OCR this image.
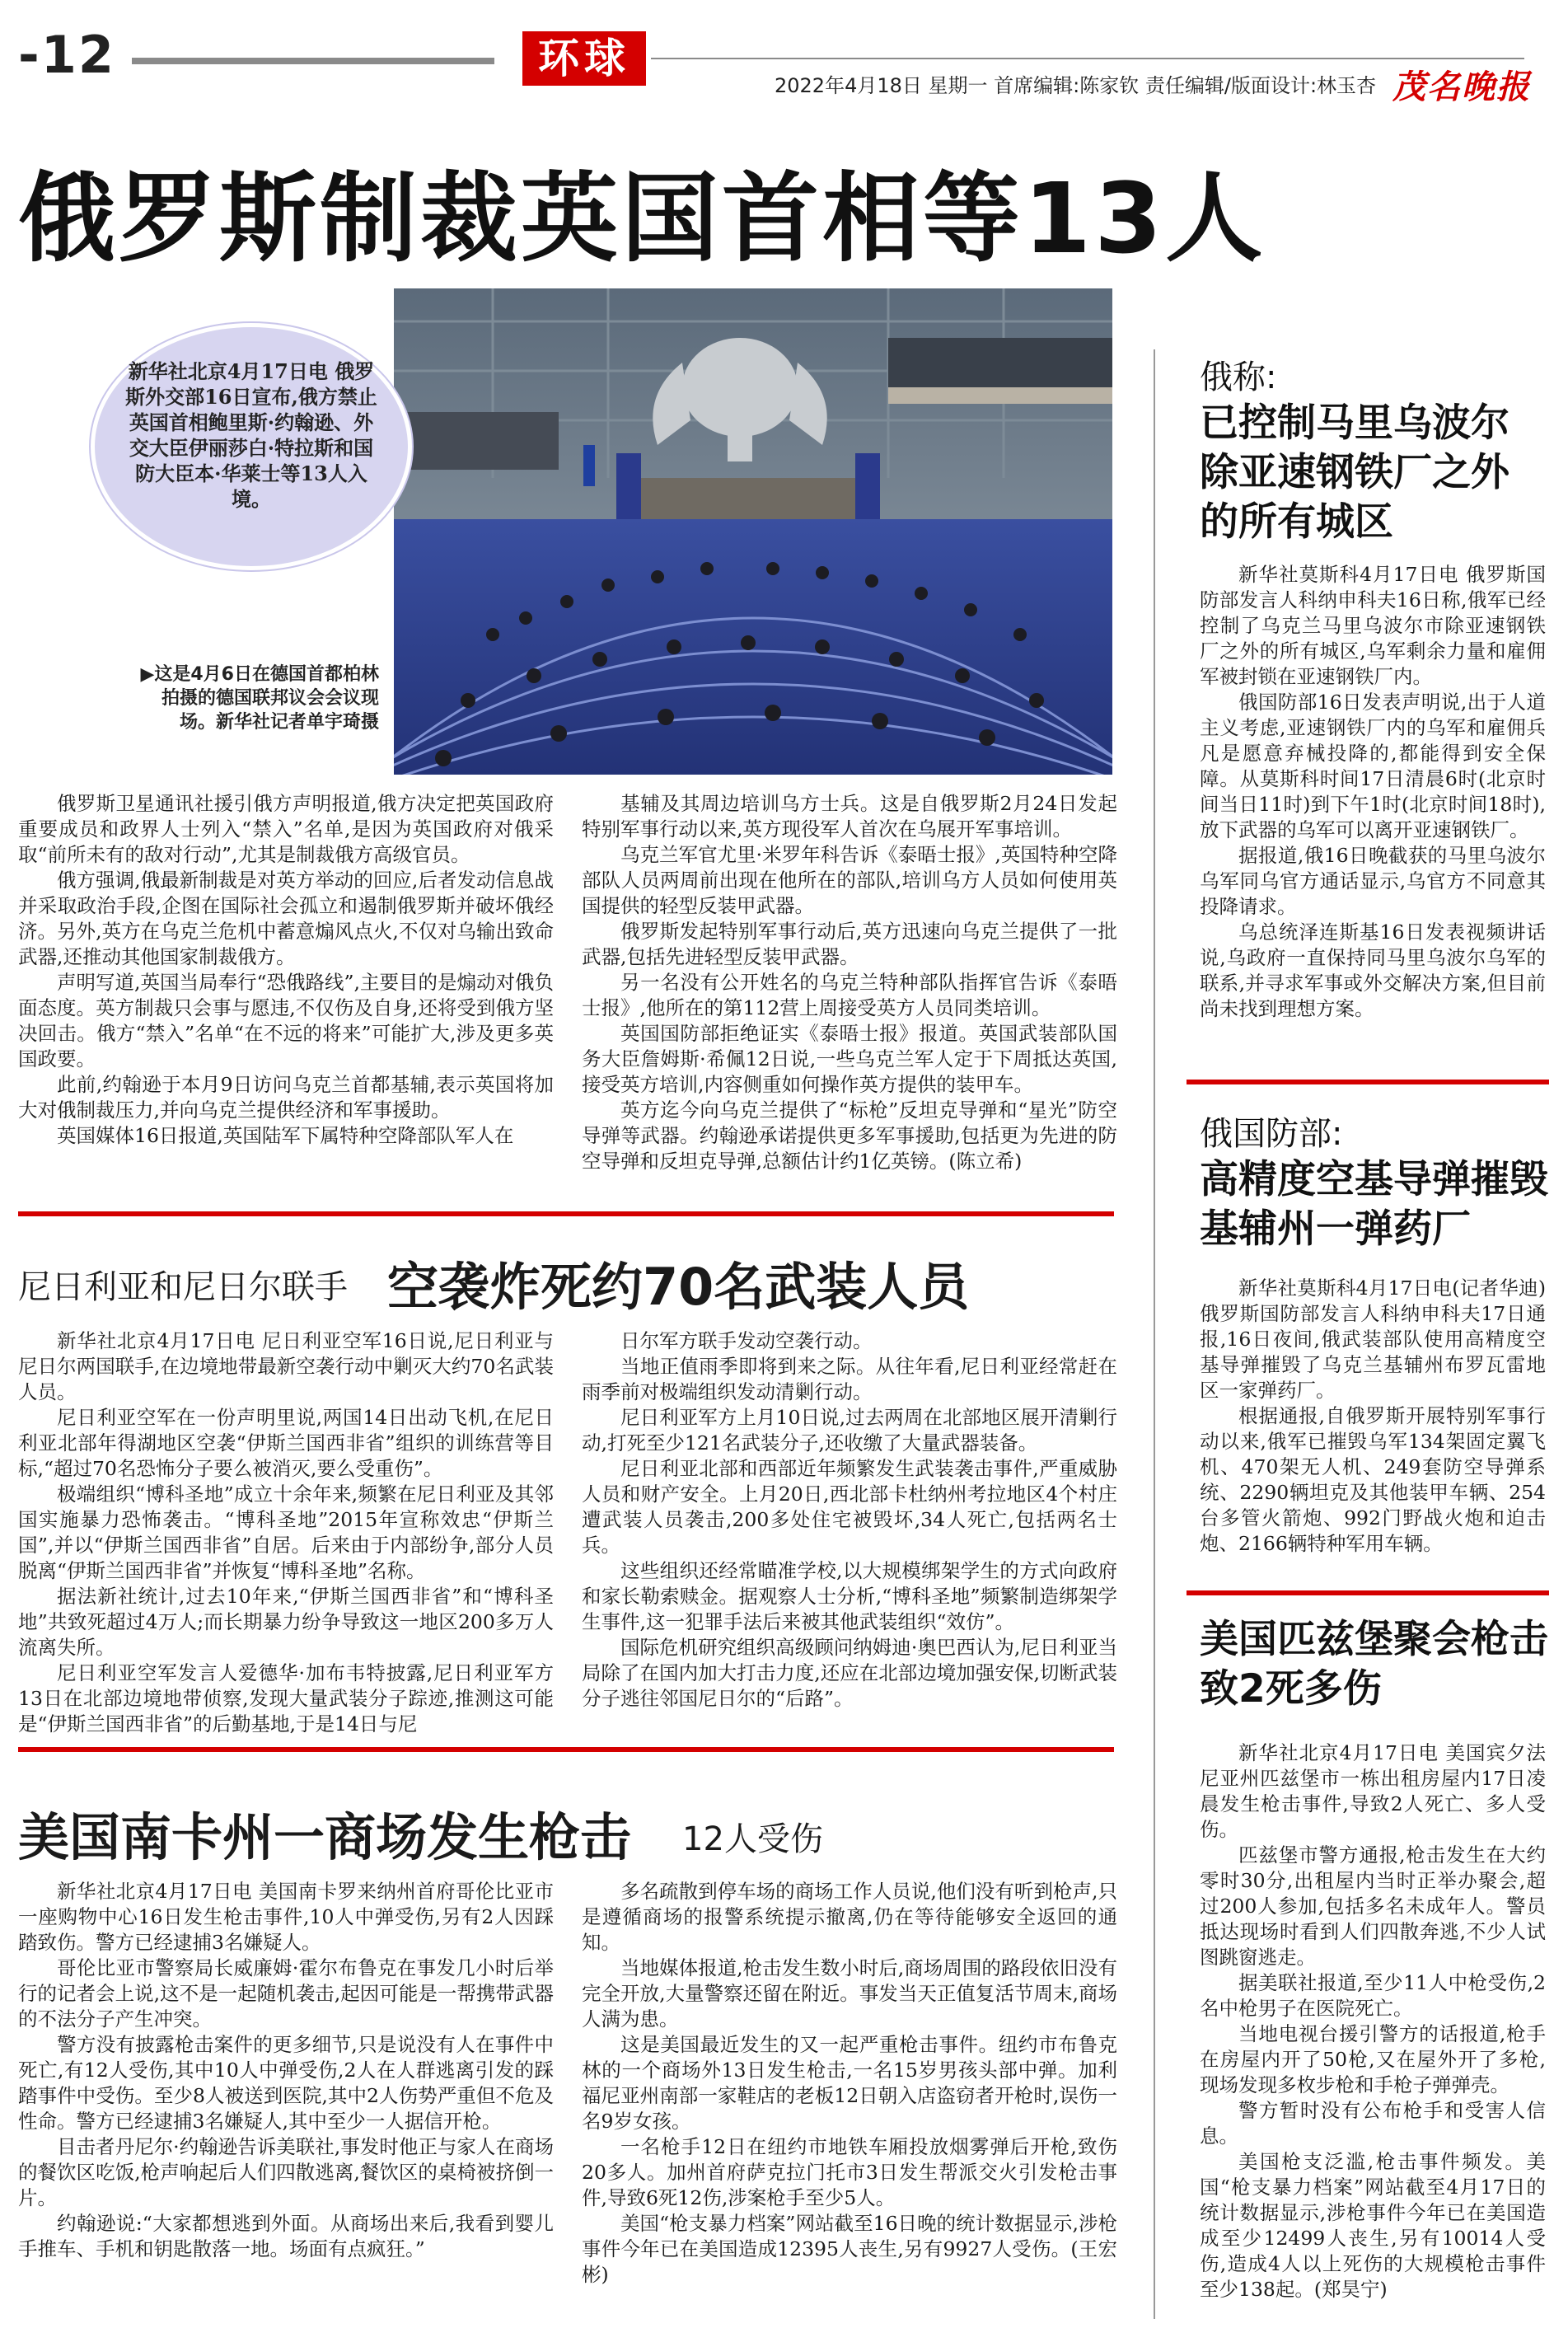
-12	环球
2022年4月18日 星期一 首席编辑:陈家钦 责任编辑/版面设计:林玉杏 茂名晚报
俄罗斯制裁英国首相等13人
新华社北京4月17日电 俄罗斯外交部16日宣布,俄方禁止英国首相鲍里斯·约翰逊、外交大臣伊丽莎白·特拉斯和国防大臣本·华莱士等13人入境。
▶这是4月6日在德国首都柏林拍摄的德国联邦议会会议现场。新华社记者单宇琦摄

俄罗斯卫星通讯社援引俄方声明报道,俄方决定把英国政府重要成员和政界人士列入“禁入”名单,是因为英国政府对俄采取“前所未有的敌对行动”,尤其是制裁俄方高级官员。

俄方强调,俄最新制裁是对英方举动的回应,后者发动信息战并采取政治手段,企图在国际社会孤立和遏制俄罗斯并破坏俄经济。另外,英方在乌克兰危机中蓄意煽风点火,不仅对乌输出致命武器,还推动其他国家制裁俄方。

声明写道,英国当局奉行“恐俄路线”,主要目的是煽动对俄负面态度。英方制裁只会事与愿违,不仅伤及自身,还将受到俄方坚决回击。俄方“禁入”名单“在不远的将来”可能扩大,涉及更多英国政要。

此前,约翰逊于本月9日访问乌克兰首都基辅,表示英国将加大对俄制裁压力,并向乌克兰提供经济和军事援助。

英国媒体16日报道,英国陆军下属特种空降部队军人在

基辅及其周边培训乌方士兵。这是自俄罗斯2月24日发起特别军事行动以来,英方现役军人首次在乌展开军事培训。

乌克兰军官尤里·米罗年科告诉《泰晤士报》,英国特种空降部队人员两周前出现在他所在的部队,培训乌方人员如何使用英国提供的轻型反装甲武器。

俄罗斯发起特别军事行动后,英方迅速向乌克兰提供了一批武器,包括先进轻型反装甲武器。

另一名没有公开姓名的乌克兰特种部队指挥官告诉《泰晤士报》,他所在的第112营上周接受英方人员同类培训。

英国国防部拒绝证实《泰晤士报》报道。英国武装部队国务大臣詹姆斯·希佩12日说,一些乌克兰军人定于下周抵达英国,接受英方培训,内容侧重如何操作英方提供的装甲车。

英方迄今向乌克兰提供了“标枪”反坦克导弹和“星光”防空导弹等武器。约翰逊承诺提供更多军事援助,包括更为先进的防空导弹和反坦克导弹,总额估计约1亿英镑。(陈立希)

尼日利亚和尼日尔联手 空袭炸死约70名武装人员

新华社北京4月17日电 尼日利亚空军16日说,尼日利亚与尼日尔两国联手,在边境地带最新空袭行动中剿灭大约70名武装人员。

尼日利亚空军在一份声明里说,两国14日出动飞机,在尼日利亚北部年得湖地区空袭“伊斯兰国西非省”组织的训练营等目标,“超过70名恐怖分子要么被消灭,要么受重伤”。

极端组织“博科圣地”成立十余年来,频繁在尼日利亚及其邻国实施暴力恐怖袭击。“博科圣地”2015年宣称效忠“伊斯兰国”,并以“伊斯兰国西非省”自居。后来由于内部纷争,部分人员脱离“伊斯兰国西非省”并恢复“博科圣地”名称。

据法新社统计,过去10年来,“伊斯兰国西非省”和“博科圣地”共致死超过4万人;而长期暴力纷争导致这一地区200多万人流离失所。

尼日利亚空军发言人爱德华·加布韦特披露,尼日利亚军方13日在北部边境地带侦察,发现大量武装分子踪迹,推测这可能是“伊斯兰国西非省”的后勤基地,于是14日与尼

日尔军方联手发动空袭行动。

当地正值雨季即将到来之际。从往年看,尼日利亚经常赶在雨季前对极端组织发动清剿行动。

尼日利亚军方上月10日说,过去两周在北部地区展开清剿行动,打死至少121名武装分子,还收缴了大量武器装备。

尼日利亚北部和西部近年频繁发生武装袭击事件,严重威胁人员和财产安全。上月20日,西北部卡杜纳州考拉地区4个村庄遭武装人员袭击,200多处住宅被毁坏,34人死亡,包括两名士兵。

这些组织还经常瞄准学校,以大规模绑架学生的方式向政府和家长勒索赎金。据观察人士分析,“博科圣地”频繁制造绑架学生事件,这一犯罪手法后来被其他武装组织“效仿”。

国际危机研究组织高级顾问纳姆迪·奥巴西认为,尼日利亚当局除了在国内加大打击力度,还应在北部边境加强安保,切断武装分子逃往邻国尼日尔的“后路”。

美国南卡州一商场发生枪击 12人受伤

新华社北京4月17日电 美国南卡罗来纳州首府哥伦比亚市一座购物中心16日发生枪击事件,10人中弹受伤,另有2人因踩踏致伤。警方已经逮捕3名嫌疑人。

哥伦比亚市警察局长威廉姆·霍尔布鲁克在事发几小时后举行的记者会上说,这不是一起随机袭击,起因可能是一帮携带武器的不法分子产生冲突。

警方没有披露枪击案件的更多细节,只是说没有人在事件中死亡,有12人受伤,其中10人中弹受伤,2人在人群逃离引发的踩踏事件中受伤。至少8人被送到医院,其中2人伤势严重但不危及性命。警方已经逮捕3名嫌疑人,其中至少一人据信开枪。

目击者丹尼尔·约翰逊告诉美联社,事发时他正与家人在商场的餐饮区吃饭,枪声响起后人们四散逃离,餐饮区的桌椅被挤倒一片。

约翰逊说:“大家都想逃到外面。从商场出来后,我看到婴儿手推车、手机和钥匙散落一地。场面有点疯狂。”

多名疏散到停车场的商场工作人员说,他们没有听到枪声,只是遵循商场的报警系统提示撤离,仍在等待能够安全返回的通知。

当地媒体报道,枪击发生数小时后,商场周围的路段依旧没有完全开放,大量警察还留在附近。事发当天正值复活节周末,商场人满为患。

这是美国最近发生的又一起严重枪击事件。纽约市布鲁克林的一个商场外13日发生枪击,一名15岁男孩头部中弹。加利福尼亚州南部一家鞋店的老板12日朝入店盗窃者开枪时,误伤一名9岁女孩。

一名枪手12日在纽约市地铁车厢投放烟雾弹后开枪,致伤20多人。加州首府萨克拉门托市3日发生帮派交火引发枪击事件,导致6死12伤,涉案枪手至少5人。

美国“枪支暴力档案”网站截至16日晚的统计数据显示,涉枪事件今年已在美国造成12395人丧生,另有9927人受伤。(王宏彬)

俄称:
已控制马里乌波尔
除亚速钢铁厂之外
的所有城区

新华社莫斯科4月17日电 俄罗斯国防部发言人科纳申科夫16日称,俄军已经控制了乌克兰马里乌波尔市除亚速钢铁厂之外的所有城区,乌军剩余力量和雇佣军被封锁在亚速钢铁厂内。

俄国防部16日发表声明说,出于人道主义考虑,亚速钢铁厂内的乌军和雇佣兵凡是愿意弃械投降的,都能得到安全保障。从莫斯科时间17日清晨6时(北京时间当日11时)到下午1时(北京时间18时),放下武器的乌军可以离开亚速钢铁厂。

据报道,俄16日晚截获的马里乌波尔乌军同乌官方通话显示,乌官方不同意其投降请求。

乌总统泽连斯基16日发表视频讲话说,乌政府一直保持同马里乌波尔乌军的联系,并寻求军事或外交解决方案,但目前尚未找到理想方案。

俄国防部:
高精度空基导弹摧毁
基辅州一弹药厂

新华社莫斯科4月17日电(记者华迪)俄罗斯国防部发言人科纳申科夫17日通报,16日夜间,俄武装部队使用高精度空基导弹摧毁了乌克兰基辅州布罗瓦雷地区一家弹药厂。

根据通报,自俄罗斯开展特别军事行动以来,俄军已摧毁乌军134架固定翼飞机、470架无人机、249套防空导弹系统、2290辆坦克及其他装甲车辆、254台多管火箭炮、992门野战火炮和迫击炮、2166辆特种军用车辆。

美国匹兹堡聚会枪击
致2死多伤

新华社北京4月17日电 美国宾夕法尼亚州匹兹堡市一栋出租房屋内17日凌晨发生枪击事件,导致2人死亡、多人受伤。

匹兹堡市警方通报,枪击发生在大约零时30分,出租屋内当时正举办聚会,超过200人参加,包括多名未成年人。警员抵达现场时看到人们四散奔逃,不少人试图跳窗逃走。

据美联社报道,至少11人中枪受伤,2名中枪男子在医院死亡。

当地电视台援引警方的话报道,枪手在房屋内开了50枪,又在屋外开了多枪,现场发现多枚步枪和手枪子弹弹壳。

警方暂时没有公布枪手和受害人信息。

美国枪支泛滥,枪击事件频发。美国“枪支暴力档案”网站截至4月17日的统计数据显示,涉枪事件今年已在美国造成至少12499人丧生,另有10014人受伤,造成4人以上死伤的大规模枪击事件至少138起。(郑昊宁)
